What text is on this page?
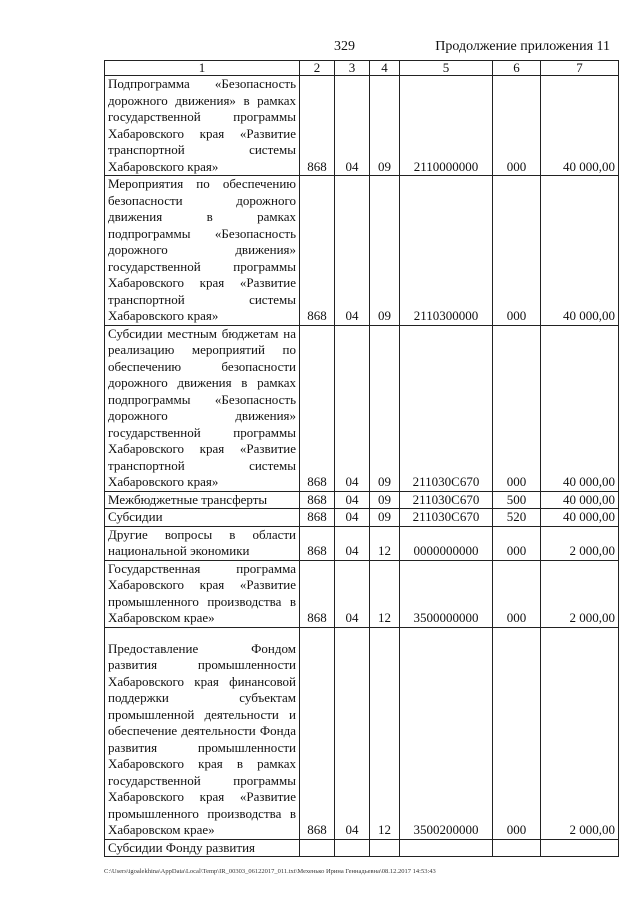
329	Продолжение приложения 11
1	2	3	4	5	6	7
Подпрограмма «Безопасность дорожного движения» в рамках государственной программы Хабаровского края «Развитие транспортной системы Хабаровского края»	868	04	09	2110000000	000	40 000,00
Мероприятия по обеспечению безопасности дорожного движения в рамках подпрограммы «Безопасность дорожного движения» государственной программы Хабаровского края «Развитие транспортной системы Хабаровского края»	868	04	09	2110300000	000	40 000,00
Субсидии местным бюджетам на реализацию мероприятий по обеспечению безопасности дорожного движения в рамках подпрограммы «Безопасность дорожного движения» государственной программы Хабаровского края «Развитие транспортной системы Хабаровского края»	868	04	09	211030С670	000	40 000,00
Межбюджетные трансферты	868	04	09	211030С670	500	40 000,00
Субсидии	868	04	09	211030С670	520	40 000,00
Другие вопросы в области национальной экономики	868	04	12	0000000000	000	2 000,00
Государственная программа Хабаровского края «Развитие промышленного производства в Хабаровском крае»	868	04	12	3500000000	000	2 000,00
Предоставление Фондом развития промышленности Хабаровского края финансовой поддержки субъектам промышленной деятельности и обеспечение деятельности Фонда развития промышленности Хабаровского края в рамках государственной программы Хабаровского края «Развитие промышленного производства в Хабаровском крае»	868	04	12	3500200000	000	2 000,00
Субсидии Фонду развития						
C:\Users\igoalekhina\AppData\Local\Temp\IR_00303_06122017_011.txt\Мехенько Ирина Геннадьевна\08.12.2017 14:53:43
